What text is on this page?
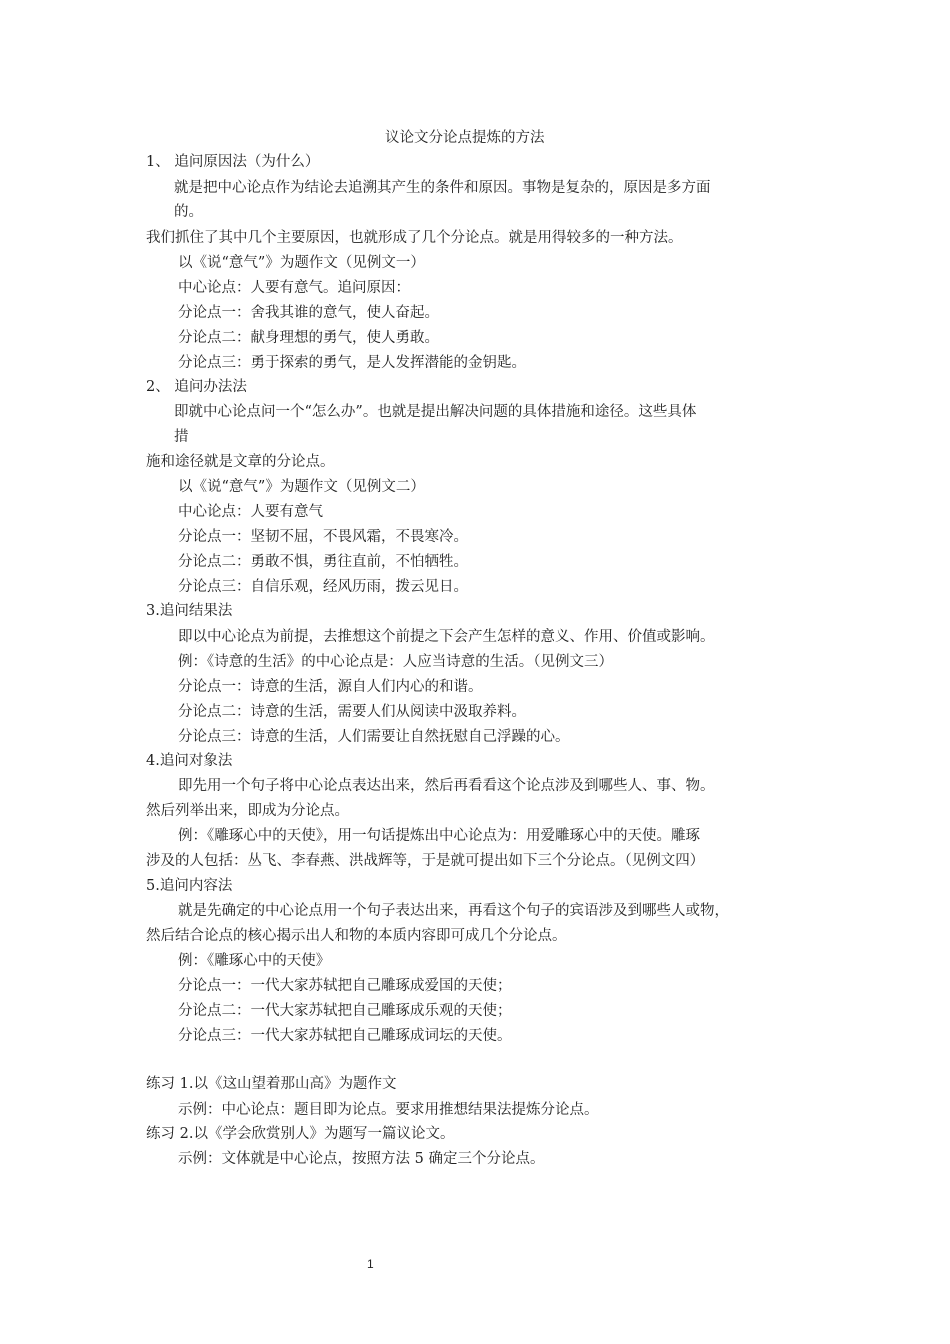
议论文分论点提炼的方法
1、 追问原因法（为什么）
就是把中心论点作为结论去追溯其产生的条件和原因。事物是复杂的，原因是多方面
的。
我们抓住了其中几个主要原因，也就形成了几个分论点。就是用得较多的一种方法。
以《说“意气”》为题作文（见例文一）
中心论点：人要有意气。追问原因：
分论点一：舍我其谁的意气，使人奋起。
分论点二：献身理想的勇气，使人勇敢。
分论点三：勇于探索的勇气，是人发挥潜能的金钥匙。
2、 追问办法法
即就中心论点问一个“怎么办”。也就是提出解决问题的具体措施和途径。这些具体
措
施和途径就是文章的分论点。
以《说“意气”》为题作文（见例文二）
中心论点：人要有意气
分论点一：坚韧不屈，不畏风霜，不畏寒冷。
分论点二：勇敢不惧，勇往直前，不怕牺牲。
分论点三：自信乐观，经风历雨，拨云见日。
3.追问结果法
即以中心论点为前提，去推想这个前提之下会产生怎样的意义、作用、价值或影响。
例：《诗意的生活》的中心论点是：人应当诗意的生活。（见例文三）
分论点一：诗意的生活，源自人们内心的和谐。
分论点二：诗意的生活，需要人们从阅读中汲取养料。
分论点三：诗意的生活，人们需要让自然抚慰自己浮躁的心。
4.追问对象法
即先用一个句子将中心论点表达出来，然后再看看这个论点涉及到哪些人、事、物。
然后列举出来，即成为分论点。
例：《雕琢心中的天使》，用一句话提炼出中心论点为：用爱雕琢心中的天使。雕琢
涉及的人包括：丛飞、李春燕、洪战辉等，于是就可提出如下三个分论点。（见例文四）
5.追问内容法
就是先确定的中心论点用一个句子表达出来，再看这个句子的宾语涉及到哪些人或物，
然后结合论点的核心揭示出人和物的本质内容即可成几个分论点。
例：《雕琢心中的天使》
分论点一：一代大家苏轼把自己雕琢成爱国的天使；
分论点二：一代大家苏轼把自己雕琢成乐观的天使；
分论点三：一代大家苏轼把自己雕琢成词坛的天使。
练习 1.以《这山望着那山高》为题作文
示例：中心论点：题目即为论点。要求用推想结果法提炼分论点。
练习 2.以《学会欣赏别人》为题写一篇议论文。
示例：文体就是中心论点，按照方法 5 确定三个分论点。
1
